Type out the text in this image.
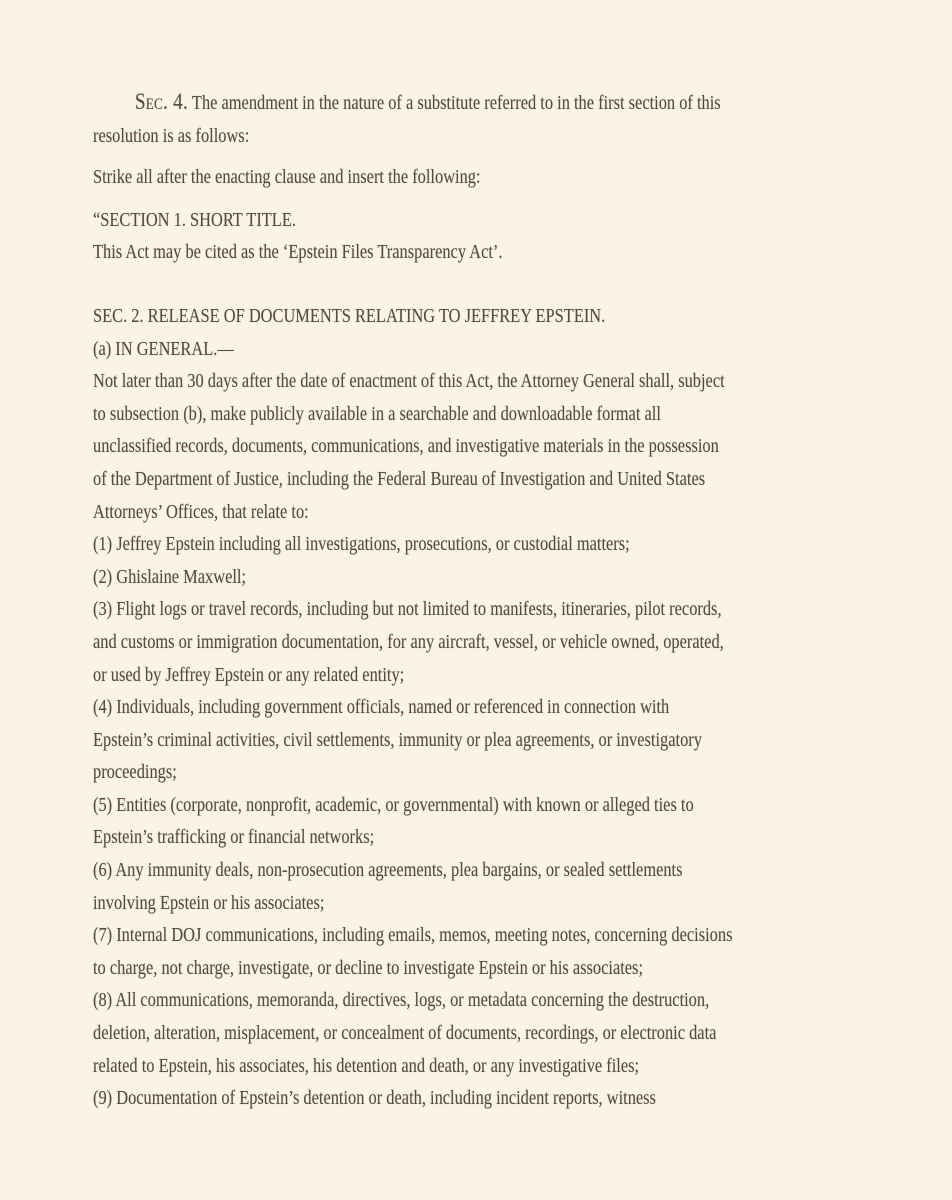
Sec. 4. The amendment in the nature of a substitute referred to in the first section of this
resolution is as follows:
Strike all after the enacting clause and insert the following:
“SECTION 1. SHORT TITLE.
This Act may be cited as the ‘Epstein Files Transparency Act’.
SEC. 2. RELEASE OF DOCUMENTS RELATING TO JEFFREY EPSTEIN.
(a) IN GENERAL.—
Not later than 30 days after the date of enactment of this Act, the Attorney General shall, subject
to subsection (b), make publicly available in a searchable and downloadable format all
unclassified records, documents, communications, and investigative materials in the possession
of the Department of Justice, including the Federal Bureau of Investigation and United States
Attorneys’ Offices, that relate to:
(1) Jeffrey Epstein including all investigations, prosecutions, or custodial matters;
(2) Ghislaine Maxwell;
(3) Flight logs or travel records, including but not limited to manifests, itineraries, pilot records,
and customs or immigration documentation, for any aircraft, vessel, or vehicle owned, operated,
or used by Jeffrey Epstein or any related entity;
(4) Individuals, including government officials, named or referenced in connection with
Epstein’s criminal activities, civil settlements, immunity or plea agreements, or investigatory
proceedings;
(5) Entities (corporate, nonprofit, academic, or governmental) with known or alleged ties to
Epstein’s trafficking or financial networks;
(6) Any immunity deals, non-prosecution agreements, plea bargains, or sealed settlements
involving Epstein or his associates;
(7) Internal DOJ communications, including emails, memos, meeting notes, concerning decisions
to charge, not charge, investigate, or decline to investigate Epstein or his associates;
(8) All communications, memoranda, directives, logs, or metadata concerning the destruction,
deletion, alteration, misplacement, or concealment of documents, recordings, or electronic data
related to Epstein, his associates, his detention and death, or any investigative files;
(9) Documentation of Epstein’s detention or death, including incident reports, witness
